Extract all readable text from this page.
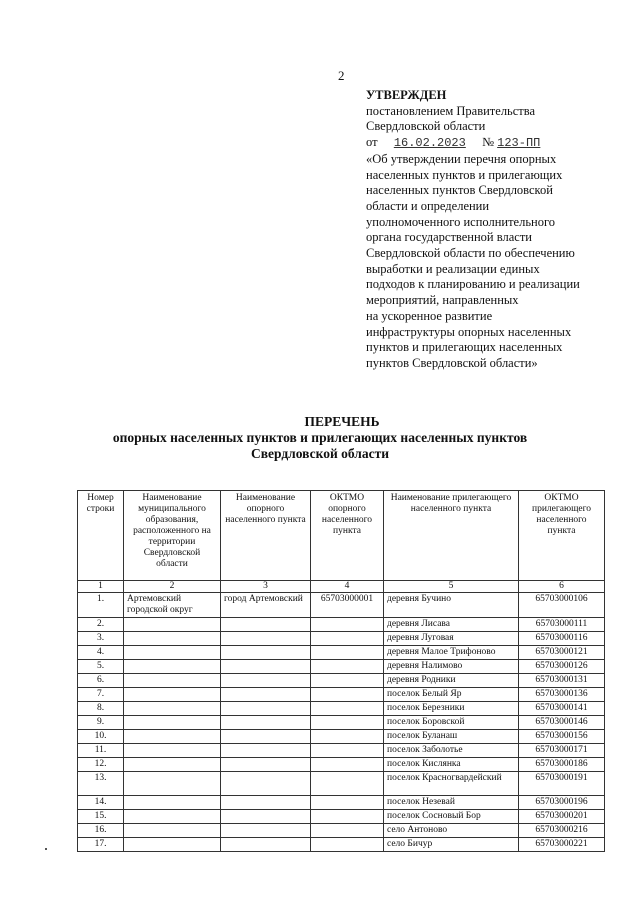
2
УТВЕРЖДЕН
постановлением Правительства
Свердловской области
от 16.02.2023 № 123-ПП
«Об утверждении перечня опорных
населенных пунктов и прилегающих
населенных пунктов Свердловской
области и определении
уполномоченного исполнительного
органа государственной власти
Свердловской области по обеспечению
выработки и реализации единых
подходов к планированию и реализации
мероприятий, направленных
на ускоренное развитие
инфраструктуры опорных населенных
пунктов и прилегающих населенных
пунктов Свердловской области»
ПЕРЕЧЕНЬ
опорных населенных пунктов и прилегающих населенных пунктов
Свердловской области
Номер строки	Наименование муниципального образования, расположенного на территории Свердловской области	Наименование опорного населенного пункта	ОКТМО опорного населенного пункта	Наименование прилегающего населенного пункта	ОКТМО прилегающего населенного пункта
1	2	3	4	5	6
1.	Артемовский городской округ	город Артемовский	65703000001	деревня Бучино	65703000106
2.				деревня Лисава	65703000111
3.				деревня Луговая	65703000116
4.				деревня Малое Трифоново	65703000121
5.				деревня Налимово	65703000126
6.				деревня Родники	65703000131
7.				поселок Белый Яр	65703000136
8.				поселок Березники	65703000141
9.				поселок Боровской	65703000146
10.				поселок Буланаш	65703000156
11.				поселок Заболотье	65703000171
12.				поселок Кислянка	65703000186
13.				поселок Красногвардейский	65703000191
14.				поселок Незевай	65703000196
15.				поселок Сосновый Бор	65703000201
16.				село Антоново	65703000216
17.				село Бичур	65703000221
